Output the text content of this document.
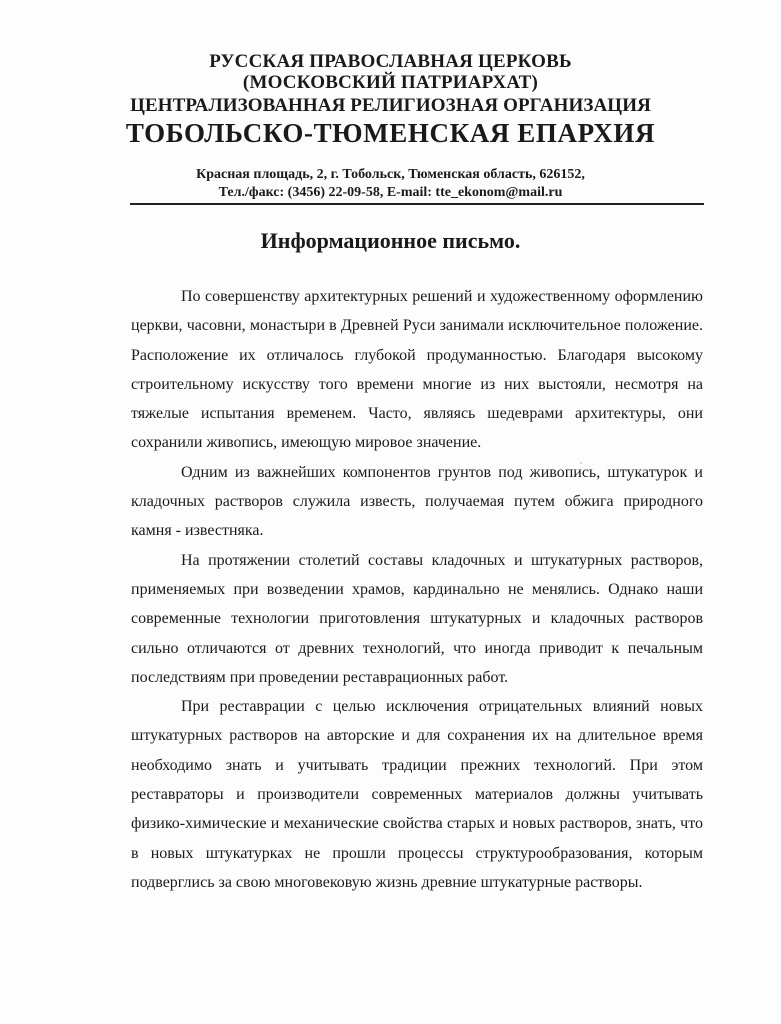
РУССКАЯ ПРАВОСЛАВНАЯ ЦЕРКОВЬ
(МОСКОВСКИЙ ПАТРИАРХАТ)
ЦЕНТРАЛИЗОВАННАЯ РЕЛИГИОЗНАЯ ОРГАНИЗАЦИЯ
ТОБОЛЬСКО-ТЮМЕНСКАЯ ЕПАРХИЯ
Красная площадь, 2, г. Тобольск, Тюменская область, 626152,
Тел./факс: (3456) 22-09-58, E-mail: tte_ekonom@mail.ru
Информационное письмо.

По совершенству архитектурных решений и художественному оформлению церкви, часовни, монастыри в Древней Руси занимали исключительное положение. Расположение их отличалось глубокой продуманностью. Благодаря высокому строительному искусству того времени многие из них выстояли, несмотря на тяжелые испытания временем. Часто, являясь шедеврами архитектуры, они сохранили живопись, имеющую мировое значение.

Одним из важнейших компонентов грунтов под живопись, штукатурок и кладочных растворов служила известь, получаемая путем обжига природного камня - известняка.

На протяжении столетий составы кладочных и штукатурных растворов, применяемых при возведении храмов, кардинально не менялись. Однако наши современные технологии приготовления штукатурных и кладочных растворов сильно отличаются от древних технологий, что иногда приводит к печальным последствиям при проведении реставрационных работ.

При реставрации с целью исключения отрицательных влияний новых штукатурных растворов на авторские и для сохранения их на длительное время необходимо знать и учитывать традиции прежних технологий. При этом реставраторы и производители современных материалов должны учитывать физико-химические и механические свойства старых и новых растворов, знать, что в новых штукатурках не прошли процессы структурообразования, которым подверглись за свою многовековую жизнь древние штукатурные растворы.
